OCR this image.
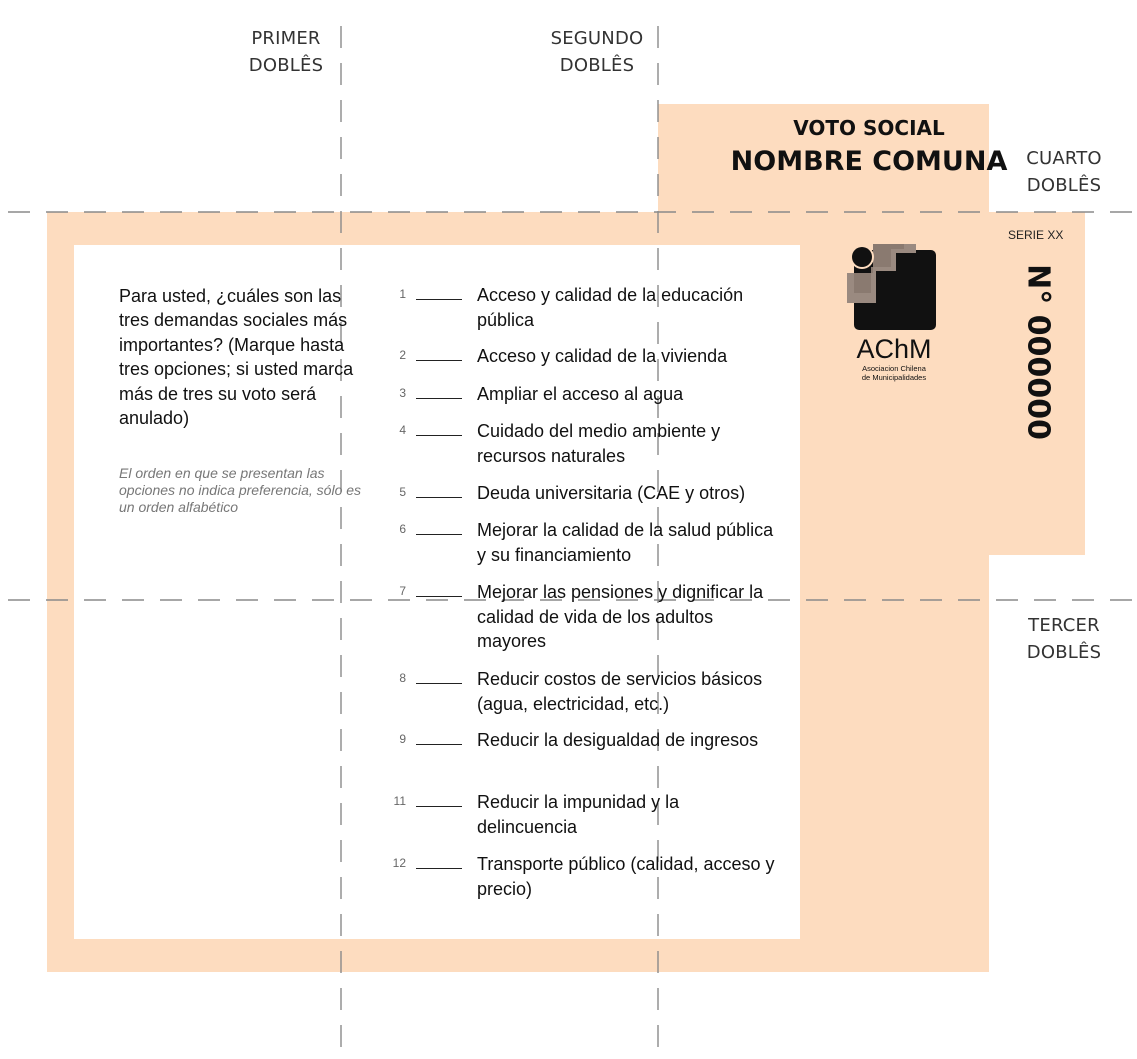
PRIMER
DOBLÊS
SEGUNDO
DOBLÊS
CUARTO
DOBLÊS
TERCER
DOBLÊS
VOTO SOCIAL
NOMBRE COMUNA
Para usted, ¿cuáles son las tres demandas sociales más importantes? (Marque hasta tres opciones; si usted marca más de tres su voto será anulado)
El orden en que se presentan las opciones no indica preferencia, sólo es un orden alfabético
1	Acceso y calidad de la educación pública
2	Acceso y calidad de la vivienda
3	Ampliar el acceso al agua
4	Cuidado del medio ambiente y recursos naturales
5	Deuda universitaria (CAE y otros)
6	Mejorar la calidad de la salud pública y su financiamiento
7	Mejorar las pensiones y dignificar la calidad de vida de los adultos mayores
8	Reducir costos de servicios básicos (agua, electricidad, etc.)
9	Reducir la desigualdad de ingresos
11	Reducir la impunidad y la delincuencia
12	Transporte público (calidad, acceso y precio)
AChM
Asociacion Chilena
de Municipalidades
SERIE XX
N° 000000
